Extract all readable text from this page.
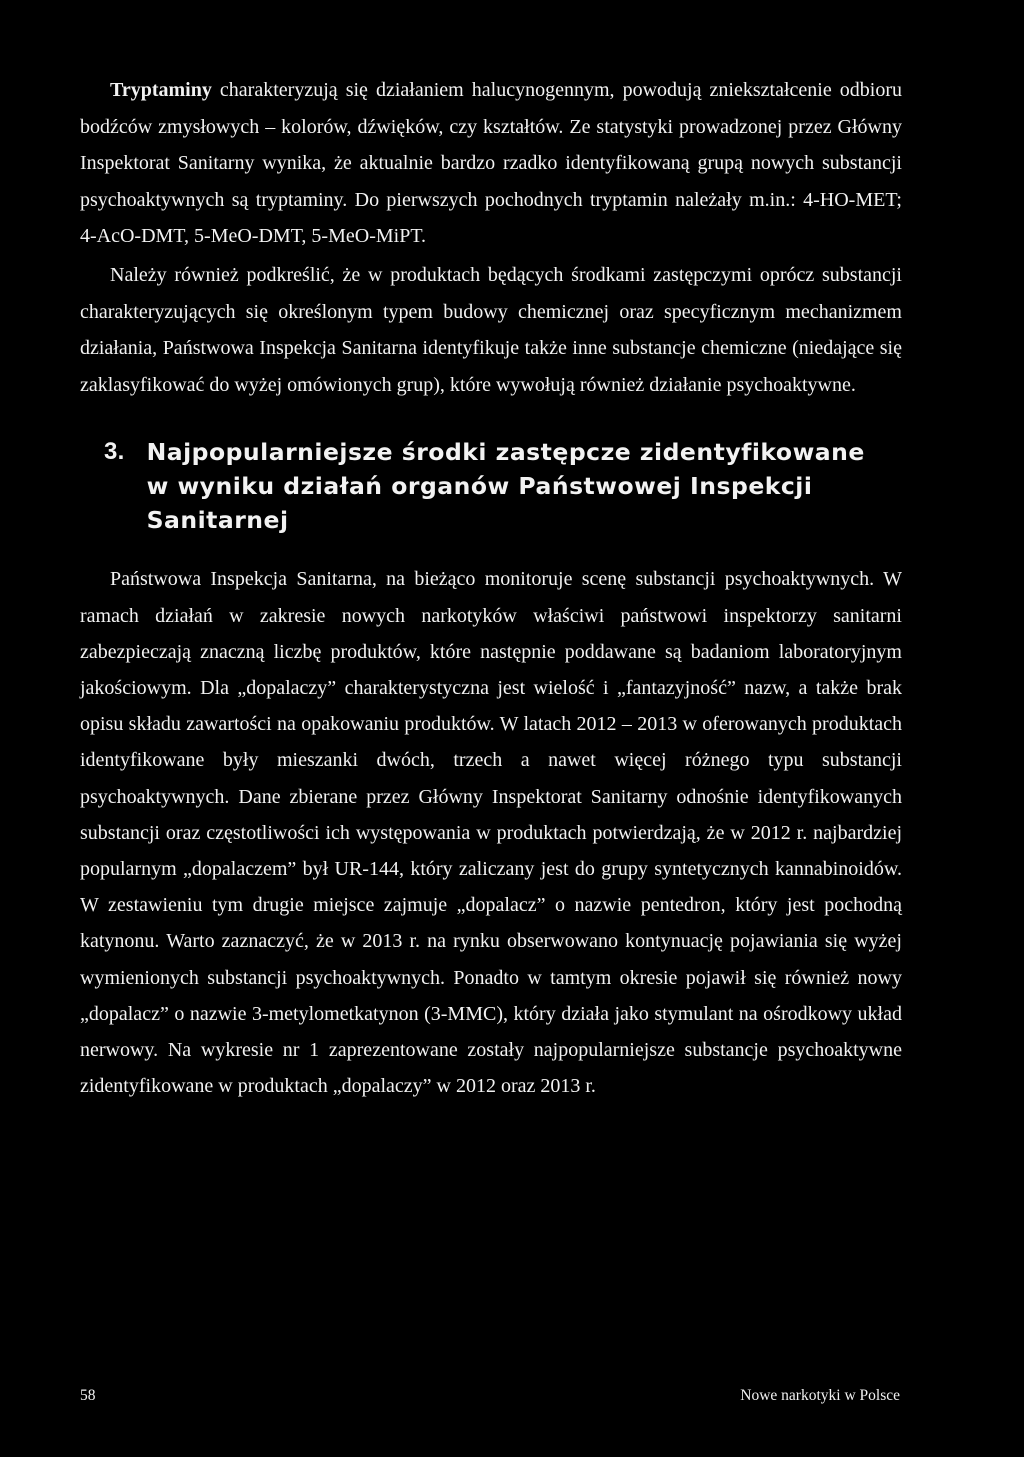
Tryptaminy charakteryzują się działaniem halucynogennym, powodują zniekształcenie odbioru bodźców zmysłowych – kolorów, dźwięków, czy kształtów. Ze statystyki prowadzonej przez Główny Inspektorat Sanitarny wynika, że aktualnie bardzo rzadko identyfikowaną grupą nowych substancji psychoaktywnych są tryptaminy. Do pierwszych pochodnych tryptamin należały m.in.: 4-HO-MET; 4-AcO-DMT, 5-MeO-DMT, 5-MeO-MiPT.

Należy również podkreślić, że w produktach będących środkami zastępczymi oprócz substancji charakteryzujących się określonym typem budowy chemicznej oraz specyficznym mechanizmem działania, Państwowa Inspekcja Sanitarna identyfikuje także inne substancje chemiczne (niedające się zaklasyfikować do wyżej omówionych grup), które wywołują również działanie psychoaktywne.

3. Najpopularniejsze środki zastępcze zidentyfikowane
w wyniku działań organów Państwowej Inspekcji Sanitarnej

Państwowa Inspekcja Sanitarna, na bieżąco monitoruje scenę substancji psychoaktywnych. W ramach działań w zakresie nowych narkotyków właściwi państwowi inspektorzy sanitarni zabezpieczają znaczną liczbę produktów, które następnie poddawane są badaniom laboratoryjnym jakościowym. Dla „dopalaczy” charakterystyczna jest wielość i „fantazyjność” nazw, a także brak opisu składu zawartości na opakowaniu produktów. W latach 2012 – 2013 w oferowanych produktach identyfikowane były mieszanki dwóch, trzech a nawet więcej różnego typu substancji psychoaktywnych. Dane zbierane przez Główny Inspektorat Sanitarny odnośnie identyfikowanych substancji oraz częstotliwości ich występowania w produktach potwierdzają, że w 2012 r. najbardziej popularnym „dopalaczem” był UR-144, który zaliczany jest do grupy syntetycznych kannabinoidów. W zestawieniu tym drugie miejsce zajmuje „dopalacz” o nazwie pentedron, który jest pochodną katynonu. Warto zaznaczyć, że w 2013 r. na rynku obserwowano kontynuację pojawiania się wyżej wymienionych substancji psychoaktywnych. Ponadto w tamtym okresie pojawił się również nowy „dopalacz” o nazwie 3-metylometkatynon (3-MMC), który działa jako stymulant na ośrodkowy układ nerwowy. Na wykresie nr 1 zaprezentowane zostały najpopularniejsze substancje psychoaktywne zidentyfikowane w produktach „dopalaczy” w 2012 oraz 2013 r.

58	Nowe narkotyki w Polsce
